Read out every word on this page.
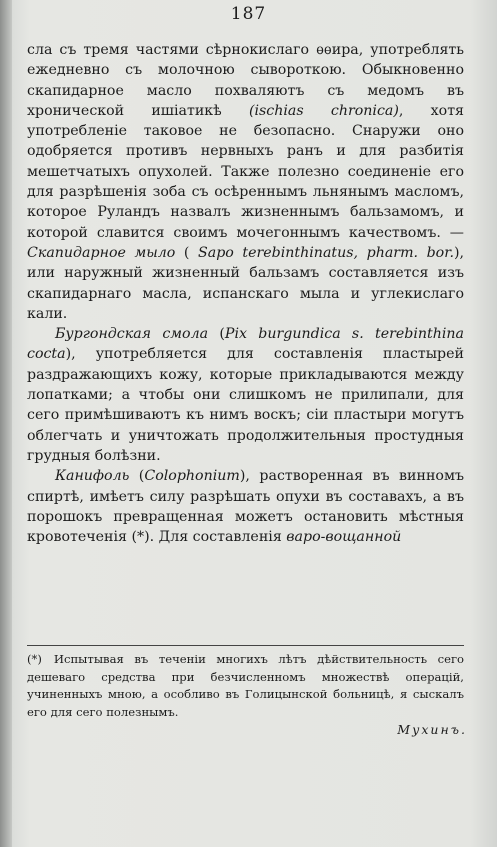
187

сла съ тремя частями сѣрнокислаго ѳѳира, употреблять ежедневно съ молочною сывороткою. Обыкновенно скапидарное масло похваляютъ съ медомъ въ хронической ишіатикѣ (ischias chronica), хотя употребленіе таковое не безопасно. Снаружи оно одобряется противъ нервныхъ ранъ и для разбитія мешетчатыхъ опухолей. Также полезно соединеніе его для разрѣшенія зоба съ осѣреннымъ льнянымъ масломъ, которое Руландъ назвалъ жизненнымъ бальзамомъ, и которой славится своимъ мочегоннымъ качествомъ. — Скапидарное мыло ( Sapo terebinthinatus, pharm. bor.), или наружный жизненный бальзамъ составляется изъ скапидарнаго масла, испанскаго мыла и углекислаго кали.

Бургондская смола (Pix burgundica s. terebinthina cocta), употребляется для составленія пластырей раздражающихъ кожу, которые прикладываются между лопатками; а чтобы они слишкомъ не прилипали, для сего примѣшиваютъ къ нимъ воскъ; сіи пластыри могутъ облегчать и уничтожать продолжительныя простудныя грудныя болѣзни.

Канифоль (Colophonium), растворенная въ винномъ спиртѣ, имѣетъ силу разрѣшать опухи въ составахъ, а въ порошокъ превращенная можетъ остановить мѣстныя кровотеченія (*). Для составленія варо-вощанной

(*) Испытывая въ теченіи многихъ лѣтъ дѣйствительность сего дешеваго средства при безчисленномъ множествѣ операцій, учиненныхъ мною, а особливо въ Голицынской больницѣ, я сыскалъ его для сего полезнымъ.

Мухинъ.
